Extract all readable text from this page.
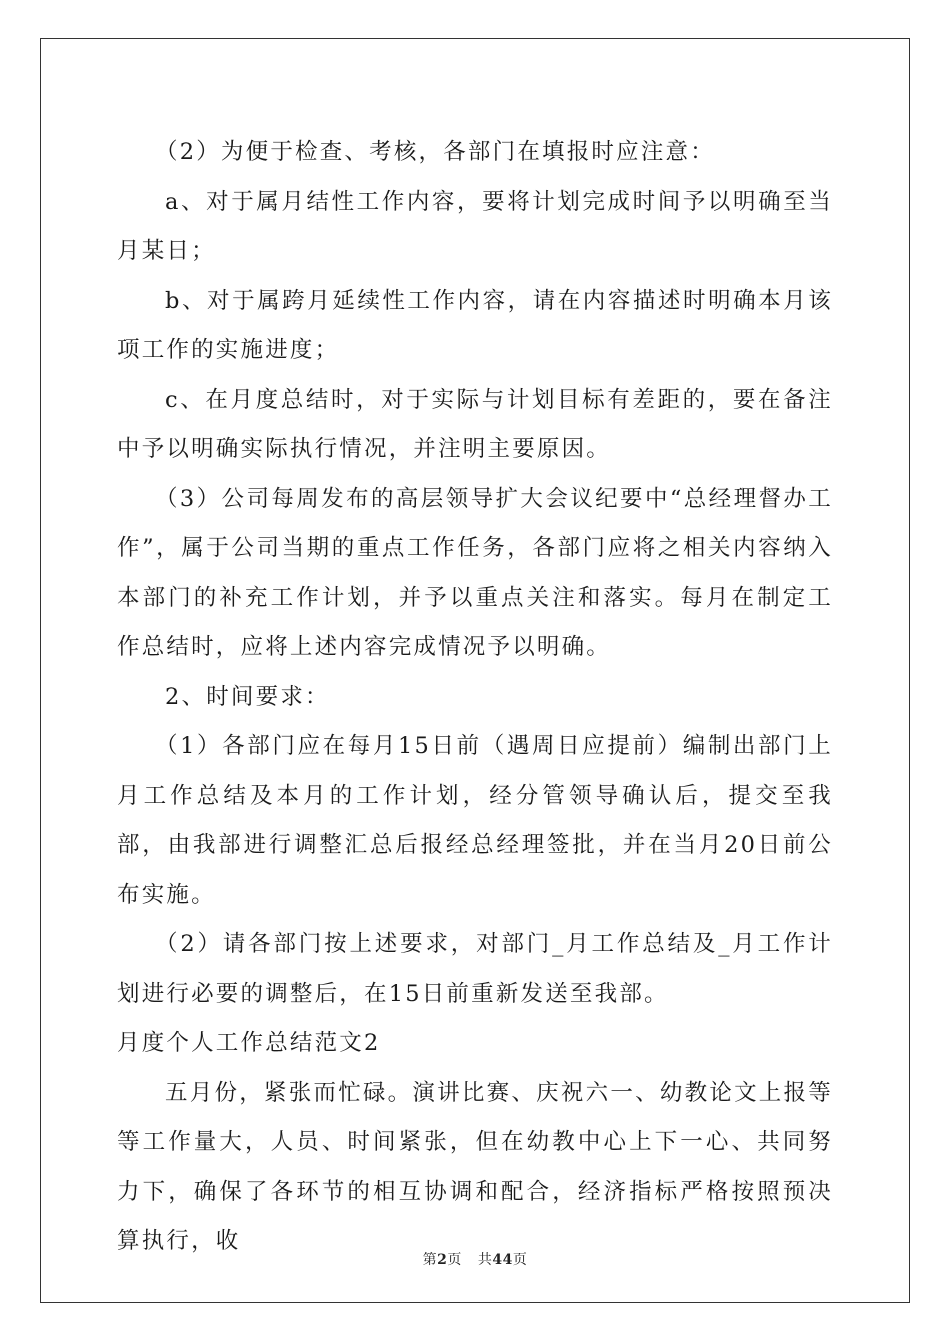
（2）为便于检查、考核，各部门在填报时应注意：

a、对于属月结性工作内容，要将计划完成时间予以明确至当月某日；

b、对于属跨月延续性工作内容，请在内容描述时明确本月该项工作的实施进度；

c、在月度总结时，对于实际与计划目标有差距的，要在备注中予以明确实际执行情况，并注明主要原因。

（3）公司每周发布的高层领导扩大会议纪要中“总经理督办工作”，属于公司当期的重点工作任务，各部门应将之相关内容纳入本部门的补充工作计划，并予以重点关注和落实。每月在制定工作总结时，应将上述内容完成情况予以明确。

2、时间要求：

（1）各部门应在每月15日前（遇周日应提前）编制出部门上月工作总结及本月的工作计划，经分管领导确认后，提交至我部，由我部进行调整汇总后报经总经理签批，并在当月20日前公布实施。

（2）请各部门按上述要求，对部门_月工作总结及_月工作计划进行必要的调整后，在15日前重新发送至我部。

月度个人工作总结范文2

五月份，紧张而忙碌。演讲比赛、庆祝六一、幼教论文上报等等工作量大，人员、时间紧张，但在幼教中心上下一心、共同努力下，确保了各环节的相互协调和配合，经济指标严格按照预决算执行，收

第2页 共44页
